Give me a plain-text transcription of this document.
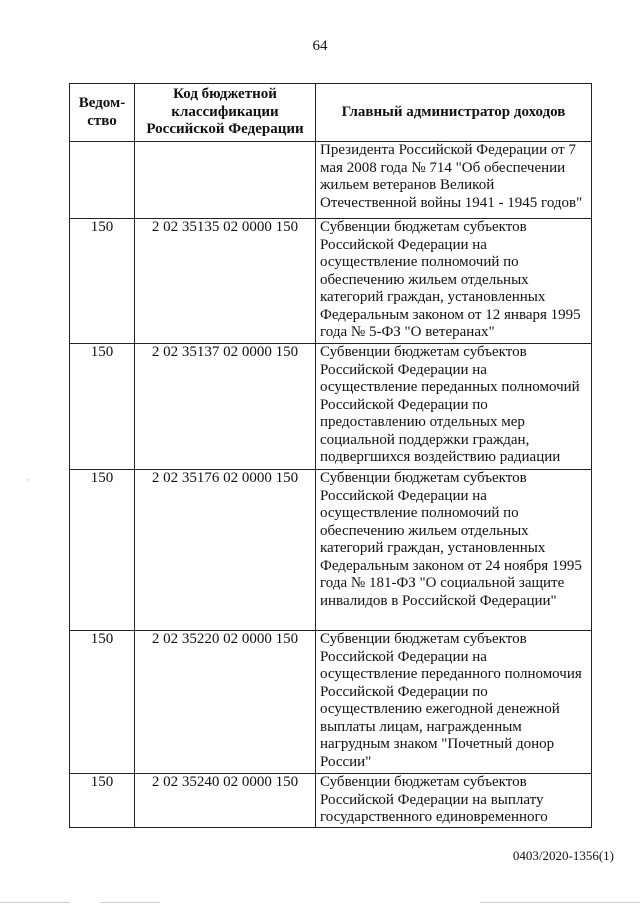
64
Ведом-ство	Код бюджетной классификации Российской Федерации	Главный администратор доходов
		Президента Российской Федерации от 7 мая 2008 года № 714 "Об обеспечении жильем ветеранов Великой Отечественной войны 1941 - 1945 годов"
150	2 02 35135 02 0000 150	Субвенции бюджетам субъектов Российской Федерации на осуществление полномочий по обеспечению жильем отдельных категорий граждан, установленных Федеральным законом от 12 января 1995 года № 5-ФЗ "О ветеранах"
150	2 02 35137 02 0000 150	Субвенции бюджетам субъектов Российской Федерации на осуществление переданных полномочий Российской Федерации по предоставлению отдельных мер социальной поддержки граждан, подвергшихся воздействию радиации
150	2 02 35176 02 0000 150	Субвенции бюджетам субъектов Российской Федерации на осуществление полномочий по обеспечению жильем отдельных категорий граждан, установленных Федеральным законом от 24 ноября 1995 года № 181-ФЗ "О социальной защите инвалидов в Российской Федерации"
150	2 02 35220 02 0000 150	Субвенции бюджетам субъектов Российской Федерации на осуществление переданного полномочия Российской Федерации по осуществлению ежегодной денежной выплаты лицам, награжденным нагрудным знаком "Почетный донор России"
150	2 02 35240 02 0000 150	Субвенции бюджетам субъектов Российской Федерации на выплату государственного единовременного
·
0403/2020-1356(1)
